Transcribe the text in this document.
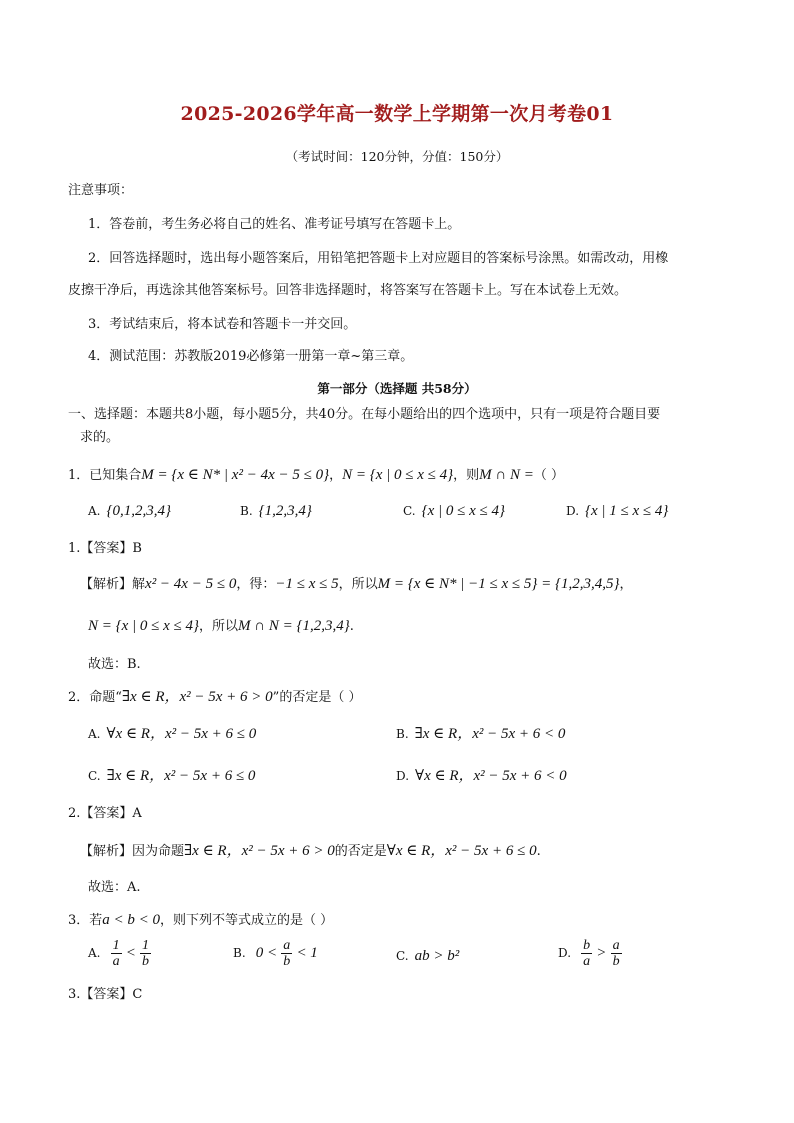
2025-2026学年高一数学上学期第一次月考卷01
（考试时间：120分钟，分值：150分）
注意事项：
1．答卷前，考生务必将自己的姓名、准考证号填写在答题卡上。
2．回答选择题时，选出每小题答案后，用铅笔把答题卡上对应题目的答案标号涂黑。如需改动，用橡
皮擦干净后，再选涂其他答案标号。回答非选择题时，将答案写在答题卡上。写在本试卷上无效。
3．考试结束后，将本试卷和答题卡一并交回。
4．测试范围：苏教版2019必修第一册第一章~第三章。
第一部分（选择题 共58分）
一、选择题：本题共8小题，每小题5分，共40分。在每小题给出的四个选项中，只有一项是符合题目要
求的。
1．已知集合M = {x ∈ N* | x² − 4x − 5 ≤ 0}，N = {x | 0 ≤ x ≤ 4}，则M ∩ N =（ ）
A. {0,1,2,3,4}	B. {1,2,3,4}	C. {x | 0 ≤ x ≤ 4}	D. {x | 1 ≤ x ≤ 4}
1.【答案】B
【解析】解x² − 4x − 5 ≤ 0，得：−1 ≤ x ≤ 5，所以M = {x ∈ N* | −1 ≤ x ≤ 5} = {1,2,3,4,5}，
N = {x | 0 ≤ x ≤ 4}，所以M ∩ N = {1,2,3,4}.
故选：B.
2．命题“∃x ∈ R，x² − 5x + 6 > 0”的否定是（ ）
A. ∀x ∈ R，x² − 5x + 6 ≤ 0	B. ∃x ∈ R，x² − 5x + 6 < 0
C. ∃x ∈ R，x² − 5x + 6 ≤ 0	D. ∀x ∈ R，x² − 5x + 6 < 0
2.【答案】A
【解析】因为命题∃x ∈ R，x² − 5x + 6 > 0的否定是∀x ∈ R，x² − 5x + 6 ≤ 0.
故选：A.
3．若a < b < 0，则下列不等式成立的是（ ）
A. $\frac{1}{a} < \frac{1}{b}$	B. $0 < \frac{a}{b} < 1$	C. ab > b²	D. $\frac{b}{a} > \frac{a}{b}$
3.【答案】C
